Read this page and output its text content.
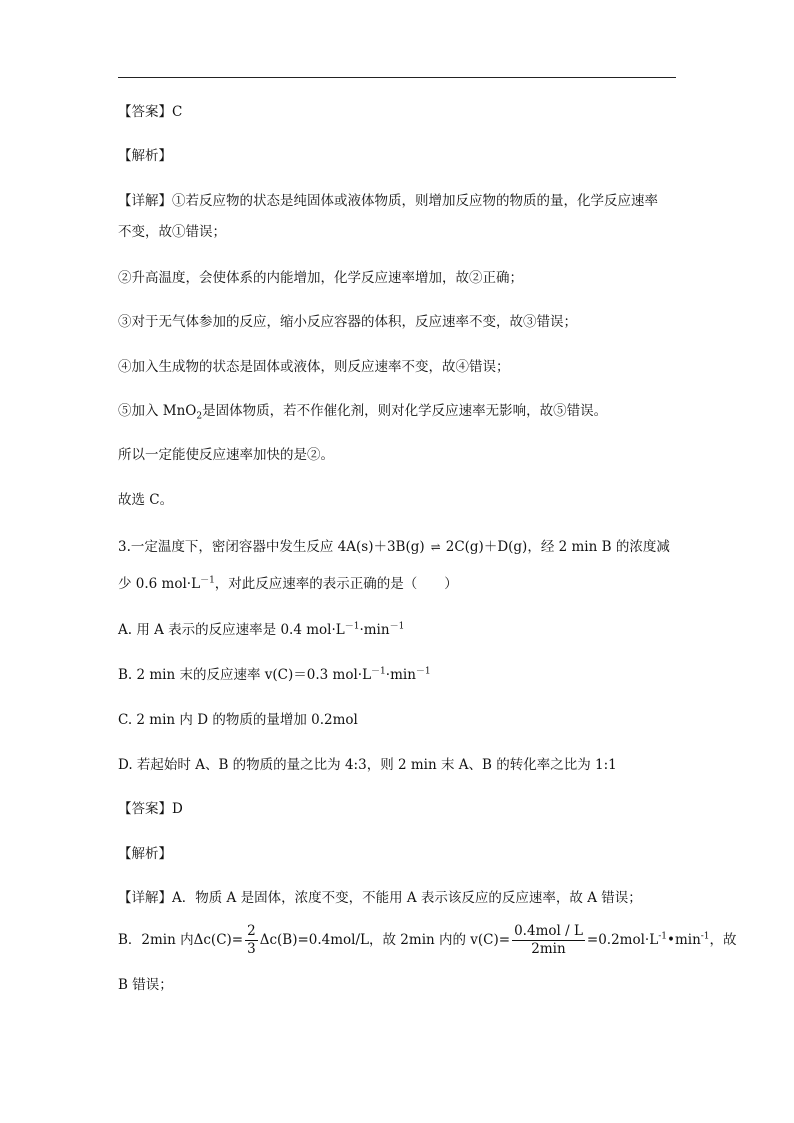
【答案】C
【解析】
【详解】①若反应物的状态是纯固体或液体物质，则增加反应物的物质的量，化学反应速率
不变，故①错误；
②升高温度，会使体系的内能增加，化学反应速率增加，故②正确；
③对于无气体参加的反应，缩小反应容器的体积，反应速率不变，故③错误；
④加入生成物的状态是固体或液体，则反应速率不变，故④错误；
⑤加入 MnO$_2$是固体物质，若不作催化剂，则对化学反应速率无影响，故⑤错误。
所以一定能使反应速率加快的是②。
故选 C。
3.一定温度下，密闭容器中发生反应 4A(s)＋3B(g) ⇌ 2C(g)＋D(g)，经 2 min B 的浓度减
少 0.6 $mol\cdot L^{-1}$，对此反应速率的表示正确的是（　　）
A. 用 A 表示的反应速率是 0.4 $mol\cdot L^{-1}\cdot\min^{-1}$
B. 2 min 末的反应速率 v(C)＝0.3 $mol\cdot L^{-1}\cdot\min^{-1}$
C. 2 min 内 D 的物质的量增加 0.2mol
D. 若起始时 A、B 的物质的量之比为 4:3，则 2 min 末 A、B 的转化率之比为 1:1
【答案】D
【解析】
【详解】A．物质 A 是固体，浓度不变，不能用 A 表示该反应的反应速率，故 A 错误；
B．2min 内$\Delta c(C)= \frac{2}{3} \Delta c(B)=0.4mol/L$，故 2min 内的 $v(C)= \frac{\text{0.4mol / L}}{2\min}$ $=0.2mol\cdot L^{-1}•\min^{-1}$，故
B 错误；
